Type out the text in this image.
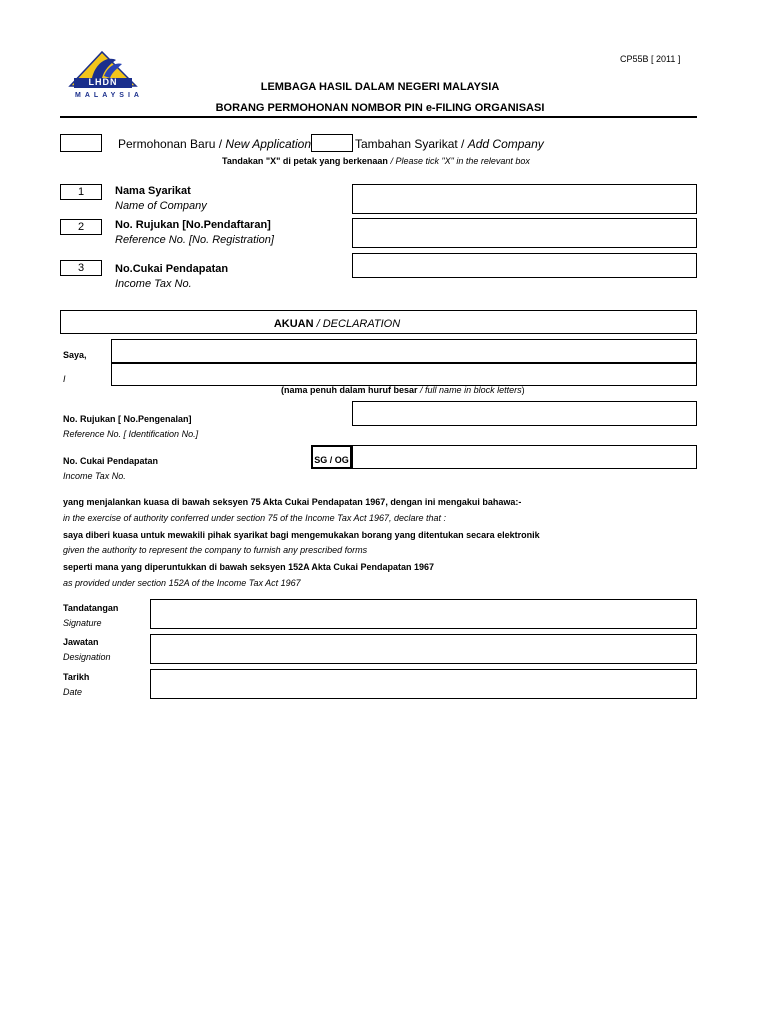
LHDN
MALAYSIA
CP55B [ 2011 ]
LEMBAGA HASIL DALAM NEGERI MALAYSIA
BORANG PERMOHONAN NOMBOR PIN e-FILING ORGANISASI
Permohonan Baru / New Application	Tambahan Syarikat / Add Company
Tandakan "X" di petak yang berkenaan / Please tick "X" in the relevant box
1	Nama Syarikat
Name of Company
2	No. Rujukan [No.Pendaftaran]
Reference No. [No. Registration]
3	No.Cukai Pendapatan
Income Tax No.
AKUAN / DECLARATION
Saya,
I
(nama penuh dalam huruf besar / full name in block letters)
No. Rujukan [ No.Pengenalan]
Reference No. [ Identification No.]
No. Cukai Pendapatan
Income Tax No.
SG / OG
yang menjalankan kuasa di bawah seksyen 75 Akta Cukai Pendapatan 1967, dengan ini mengakui bahawa:-
in the exercise of authority conferred under section 75 of the Income Tax Act 1967, declare that :
saya diberi kuasa untuk mewakili pihak syarikat bagi mengemukakan borang yang ditentukan secara elektronik
given the authority to represent the company to furnish any prescribed forms
seperti mana yang diperuntukkan di bawah seksyen 152A Akta Cukai Pendapatan 1967
as provided under section 152A of the Income Tax Act 1967
Tandatangan
Signature
Jawatan
Designation
Tarikh
Date
